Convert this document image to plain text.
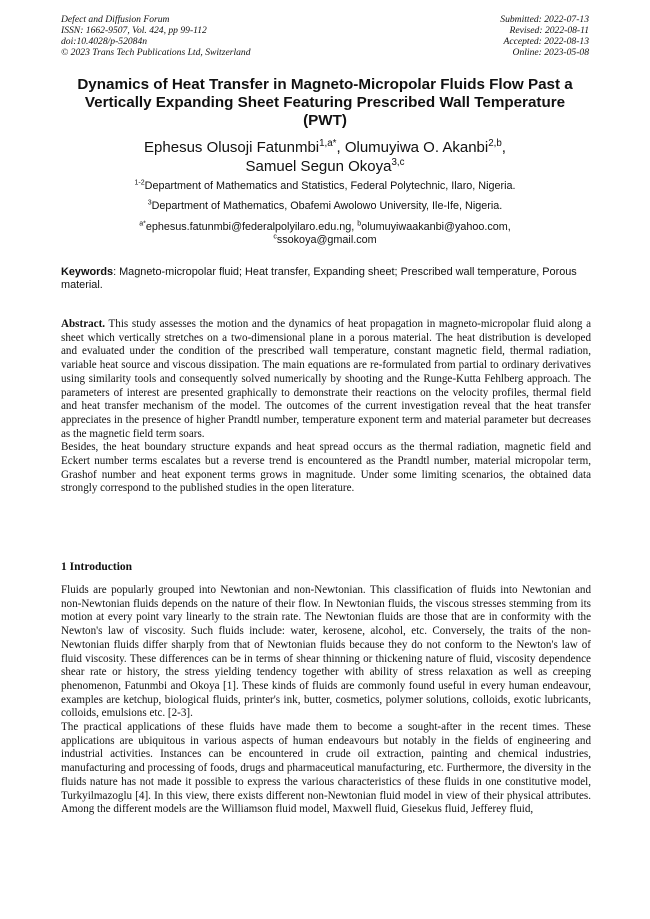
Defect and Diffusion Forum
ISSN: 1662-9507, Vol. 424, pp 99-112
doi:10.4028/p-52084n
© 2023 Trans Tech Publications Ltd, Switzerland
Submitted: 2022-07-13
Revised: 2022-08-11
Accepted: 2022-08-13
Online: 2023-05-08
Dynamics of Heat Transfer in Magneto-Micropolar Fluids Flow Past a
Vertically Expanding Sheet Featuring Prescribed Wall Temperature
(PWT)
Ephesus Olusoji Fatunmbi$^{1,a*}$, Olumuyiwa O. Akanbi$^{2,b}$,
Samuel Segun Okoya$^{3,c}$
$^{1-2}$Department of Mathematics and Statistics, Federal Polytechnic, Ilaro, Nigeria.
$^3$Department of Mathematics, Obafemi Awolowo University, Ile-Ife, Nigeria.
$^{a*}$ephesus.fatunmbi@federalpolyilaro.edu.ng, $^b$olumuyiwaakanbi@yahoo.com,
$^c$ssokoya@gmail.com
Keywords: Magneto-micropolar fluid; Heat transfer, Expanding sheet; Prescribed wall temperature, Porous material.

Abstract. This study assesses the motion and the dynamics of heat propagation in magneto-micropolar fluid along a sheet which vertically stretches on a two-dimensional plane in a porous material. The heat distribution is developed and evaluated under the condition of the prescribed wall temperature, constant magnetic field, thermal radiation, variable heat source and viscous dissipation. The main equations are re-formulated from partial to ordinary derivatives using similarity tools and consequently solved numerically by shooting and the Runge-Kutta Fehlberg approach. The parameters of interest are presented graphically to demonstrate their reactions on the velocity profiles, thermal field and heat transfer mechanism of the model. The outcomes of the current investigation reveal that the heat transfer appreciates in the presence of higher Prandtl number, temperature exponent term and material parameter but decreases as the magnetic field term soars.

Besides, the heat boundary structure expands and heat spread occurs as the thermal radiation, magnetic field and Eckert number terms escalates but a reverse trend is encountered as the Prandtl number, material micropolar term, Grashof number and heat exponent terms grows in magnitude. Under some limiting scenarios, the obtained data strongly correspond to the published studies in the open literature.

1 Introduction

Fluids are popularly grouped into Newtonian and non-Newtonian. This classification of fluids into Newtonian and non-Newtonian fluids depends on the nature of their flow. In Newtonian fluids, the viscous stresses stemming from its motion at every point vary linearly to the strain rate. The Newtonian fluids are those that are in conformity with the Newton's law of viscosity. Such fluids include: water, kerosene, alcohol, etc. Conversely, the traits of the non-Newtonian fluids differ sharply from that of Newtonian fluids because they do not conform to the Newton's law of fluid viscosity. These differences can be in terms of shear thinning or thickening nature of fluid, viscosity dependence shear rate or history, the stress yielding tendency together with ability of stress relaxation as well as creeping phenomenon, Fatunmbi and Okoya [1]. These kinds of fluids are commonly found useful in every human endeavour, examples are ketchup, biological fluids, printer's ink, butter, cosmetics, polymer solutions, colloids, exotic lubricants, colloids, emulsions etc. [2-3].

The practical applications of these fluids have made them to become a sought-after in the recent times. These applications are ubiquitous in various aspects of human endeavours but notably in the fields of engineering and industrial activities. Instances can be encountered in crude oil extraction, painting and chemical industries, manufacturing and processing of foods, drugs and pharmaceutical manufacturing, etc. Furthermore, the diversity in the fluids nature has not made it possible to express the various characteristics of these fluids in one constitutive model, Turkyilmazoglu [4]. In this view, there exists different non-Newtonian fluid model in view of their physical attributes. Among the different models are the Williamson fluid model, Maxwell fluid, Giesekus fluid, Jefferey fluid,
